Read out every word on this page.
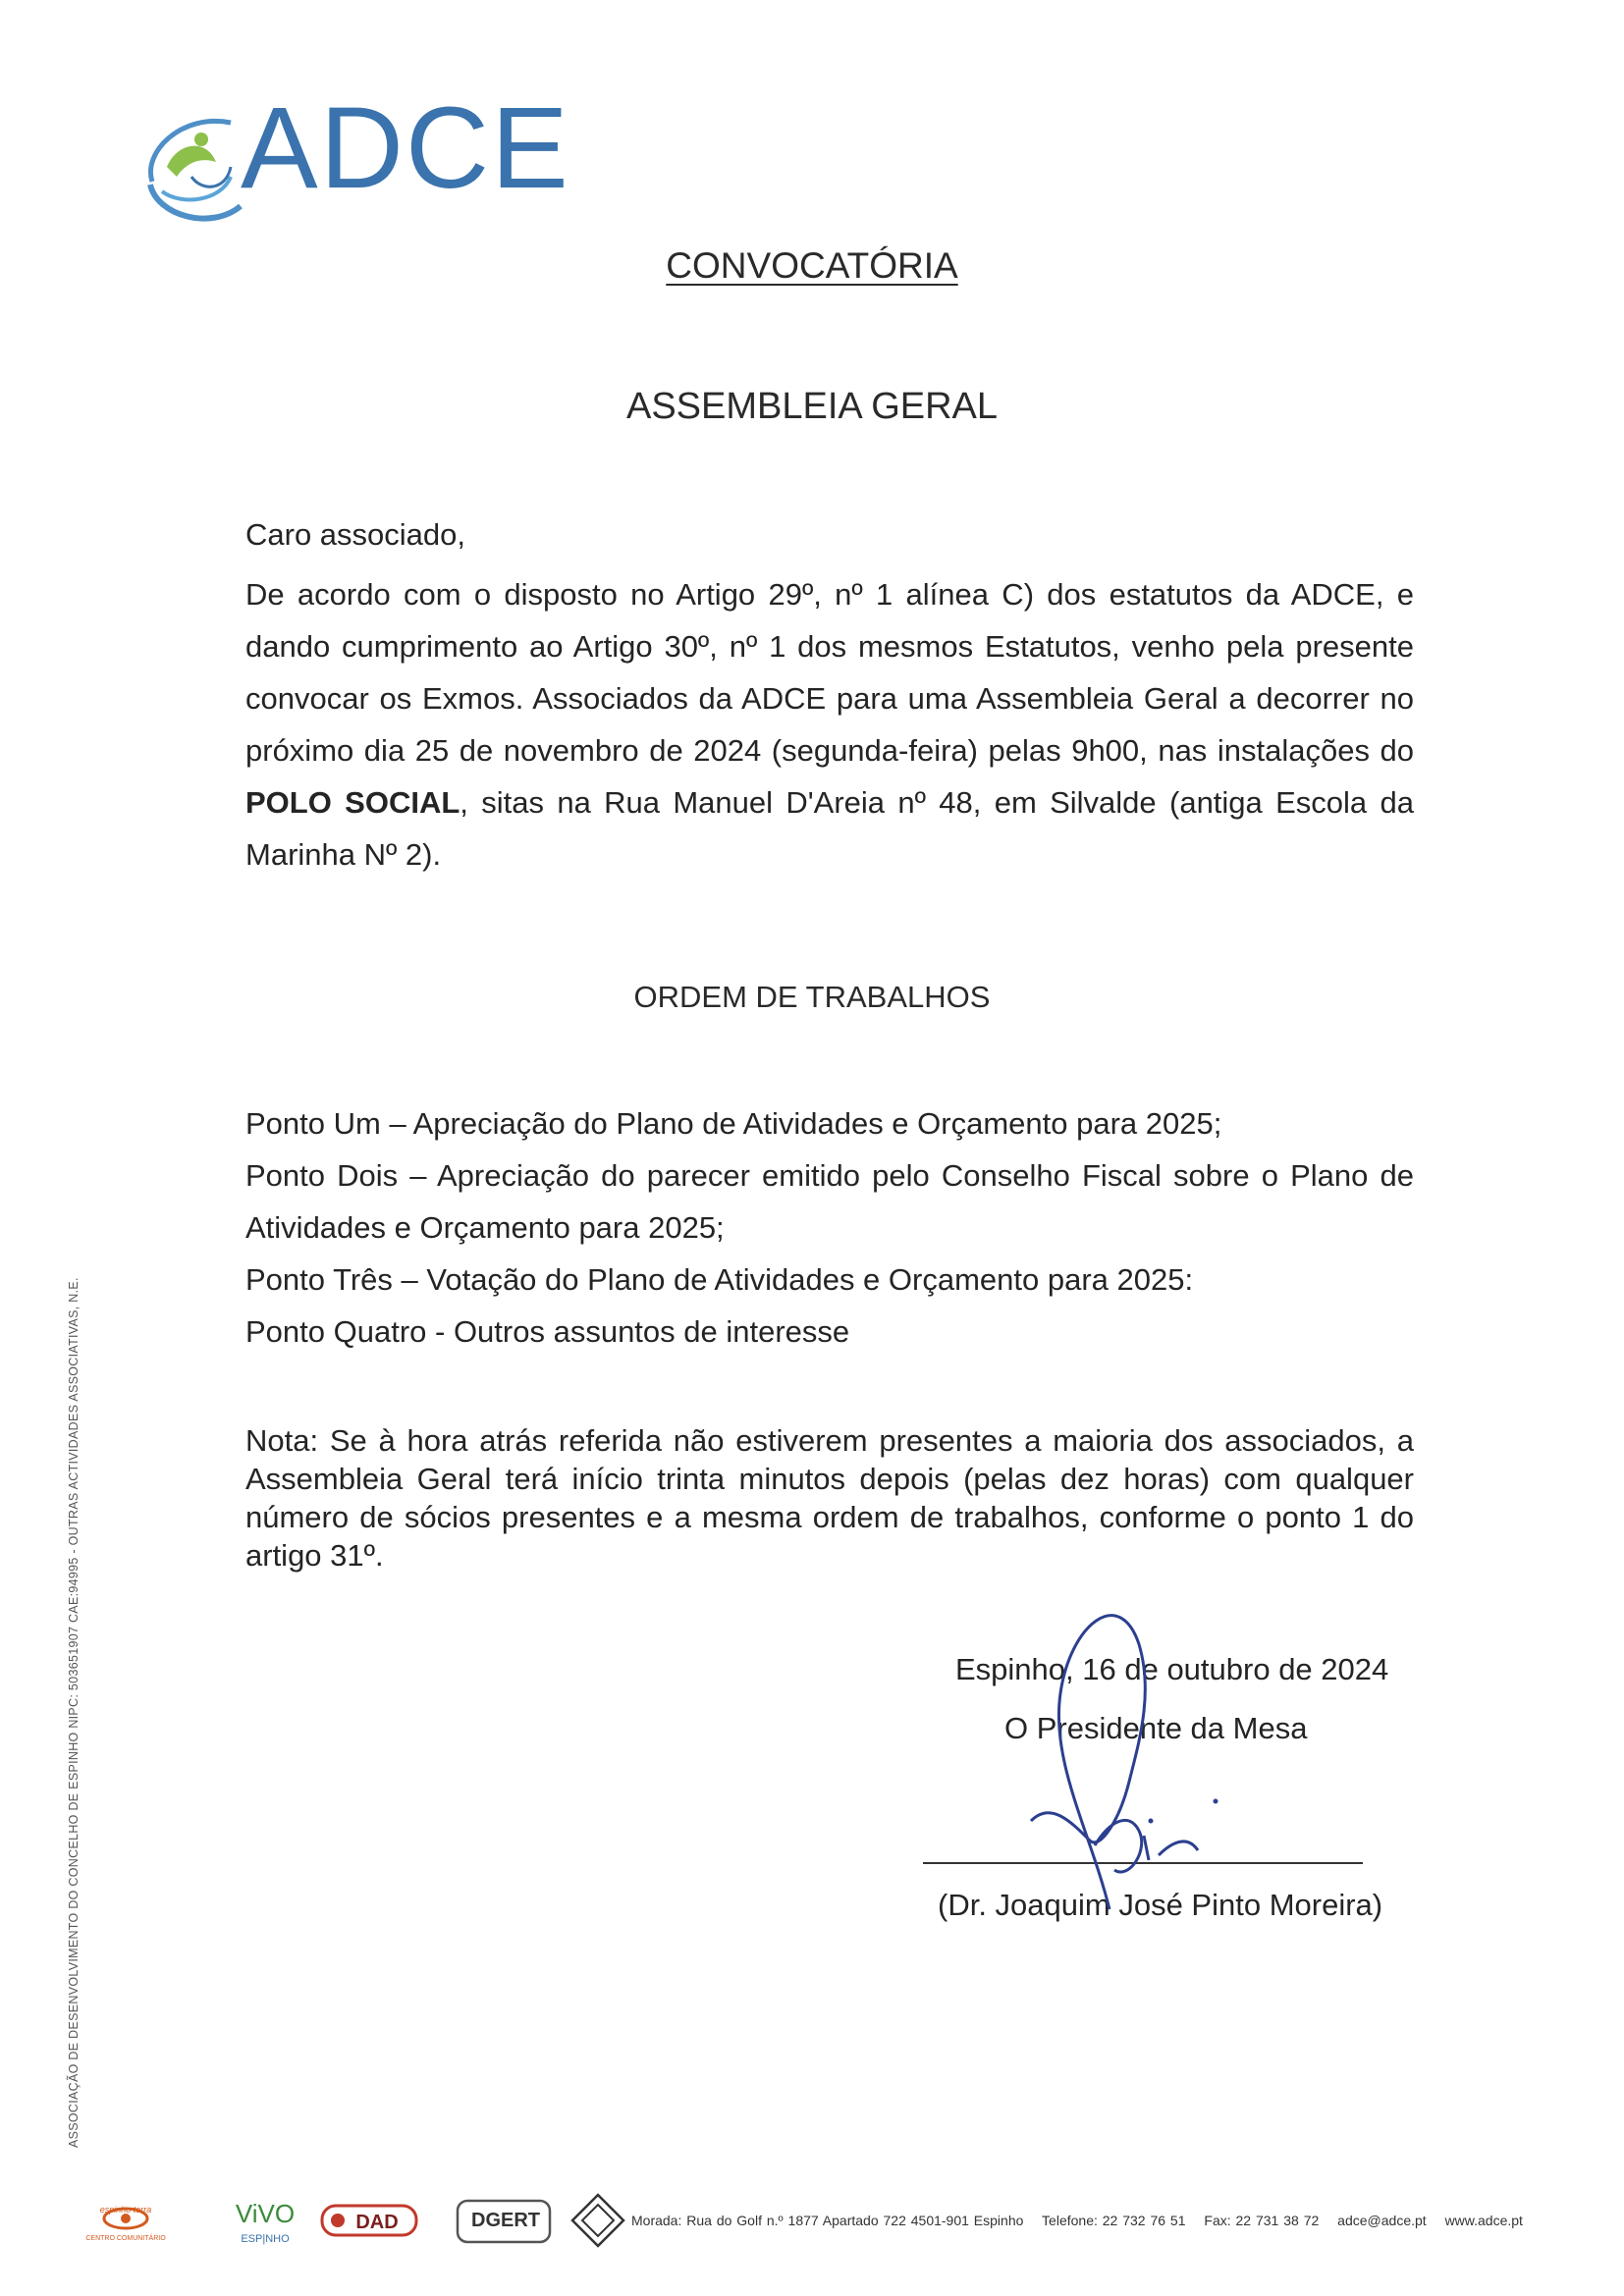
ADCE
CONVOCATÓRIA
ASSEMBLEIA GERAL
Caro associado,
De acordo com o disposto no Artigo 29º, nº 1 alínea C) dos estatutos da ADCE, e dando cumprimento ao Artigo 30º, nº 1 dos mesmos Estatutos, venho pela presente convocar os Exmos. Associados da ADCE para uma Assembleia Geral a decorrer no próximo dia 25 de novembro de 2024 (segunda-feira) pelas 9h00, nas instalações do POLO SOCIAL, sitas na Rua Manuel D'Areia nº 48, em Silvalde (antiga Escola da Marinha Nº 2).
ORDEM DE TRABALHOS
Ponto Um – Apreciação do Plano de Atividades e Orçamento para 2025;
Ponto Dois – Apreciação do parecer emitido pelo Conselho Fiscal sobre o Plano de Atividades e Orçamento para 2025;
Ponto Três – Votação do Plano de Atividades e Orçamento para 2025:
Ponto Quatro - Outros assuntos de interesse
Nota: Se à hora atrás referida não estiverem presentes a maioria dos associados, a Assembleia Geral terá início trinta minutos depois (pelas dez horas) com qualquer número de sócios presentes e a mesma ordem de trabalhos, conforme o ponto 1 do artigo 31º.
Espinho, 16 de outubro de 2024
O Presidente da Mesa
(Dr. Joaquim José Pinto Moreira)
ASSOCIAÇÃO DE DESENVOLVIMENTO DO CONCELHO DE ESPINHO NIPC: 503651907 CAE:94995 - OUTRAS ACTIVIDADES ASSOCIATIVAS, N.E.
espinho terra
CENTRO COMUNITÁRIO
ViVO
ESP|NHO
DAD	DGERT	Morada: Rua do Golf n.º 1877 Apartado 722 4501-901 Espinho Telefone: 22 732 76 51 Fax: 22 731 38 72 adce@adce.pt www.adce.pt
